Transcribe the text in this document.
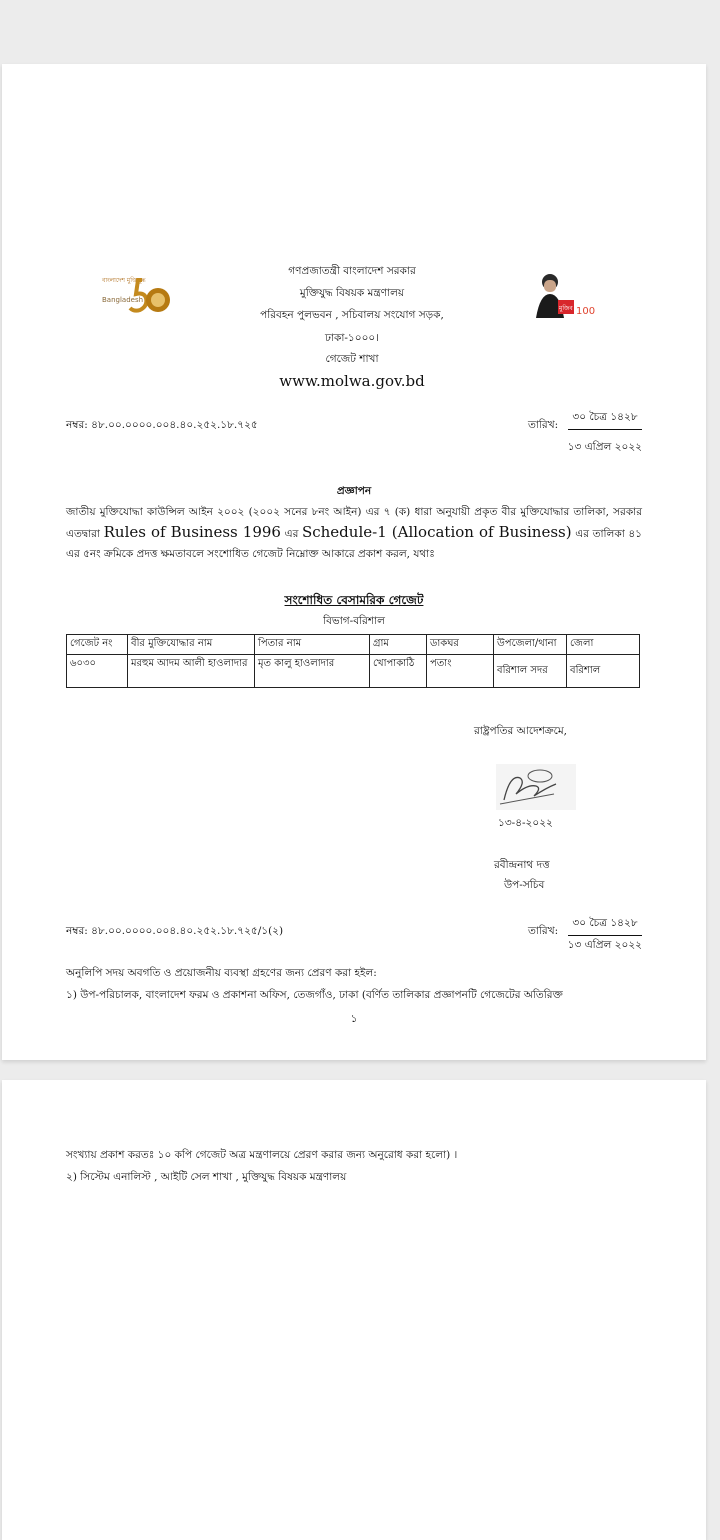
বাংলাদেশ মুক্তিযুদ্ধ
Bangladesh
গণপ্রজাতন্ত্রী বাংলাদেশ সরকার
মুক্তিযুদ্ধ বিষয়ক মন্ত্রণালয়
পরিবহন পুলভবন , সচিবালয় সংযোগ সড়ক,
ঢাকা-১০০০।
গেজেট শাখা
www.molwa.gov.bd
মুজিব বর্ষ
100
নম্বর: ৪৮.০০.০০০০.০০৪.৪০.২৫২.১৮.৭২৫	তারিখ:
৩০ চৈত্র ১৪২৮
১৩ এপ্রিল ২০২২
প্রজ্ঞাপন
জাতীয় মুক্তিযোদ্ধা কাউন্সিল আইন ২০০২ (২০০২ সনের ৮নং আইন) এর ৭ (ক) ধারা অনুযায়ী প্রকৃত বীর মুক্তিযোদ্ধার তালিকা, সরকার এতদ্বারা Rules of Business 1996 এর Schedule-1 (Allocation of Business) এর তালিকা ৪১ এর ৫নং ক্রমিকে প্রদত্ত ক্ষমতাবলে সংশোধিত গেজেট নিম্নোক্ত আকারে প্রকাশ করল, যথাঃ
সংশোধিত বেসামরিক গেজেট
বিভাগ-বরিশাল
গেজেট নং	বীর মুক্তিযোদ্ধার নাম	পিতার নাম	গ্রাম	ডাকঘর	উপজেলা/থানা	জেলা
৬০৩০	মরহুম আদম আলী হাওলাদার	মৃত কালু হাওলাদার	খোপাকাঠি	পতাং	বরিশাল সদর	বরিশাল
রাষ্ট্রপতির আদেশক্রমে,
১৩-৪-২০২২
রবীন্দ্রনাথ দত্ত
উপ-সচিব
নম্বর: ৪৮.০০.০০০০.০০৪.৪০.২৫২.১৮.৭২৫/১(২)	তারিখ:
৩০ চৈত্র ১৪২৮
১৩ এপ্রিল ২০২২
অনুলিপি সদয় অবগতি ও প্রয়োজনীয় ব্যবস্থা গ্রহণের জন্য প্রেরণ করা হইল:
১) উপ-পরিচালক, বাংলাদেশ ফরম ও প্রকাশনা অফিস, তেজগাঁও, ঢাকা (বর্ণিত তালিকার প্রজ্ঞাপনটি গেজেটের অতিরিক্ত
১
সংখ্যায় প্রকাশ করতঃ ১০ কপি গেজেট অত্র মন্ত্রণালয়ে প্রেরণ করার জন্য অনুরোধ করা হলো) ।
২) সিস্টেম এনালিস্ট , আইটি সেল শাখা , মুক্তিযুদ্ধ বিষয়ক মন্ত্রণালয়
